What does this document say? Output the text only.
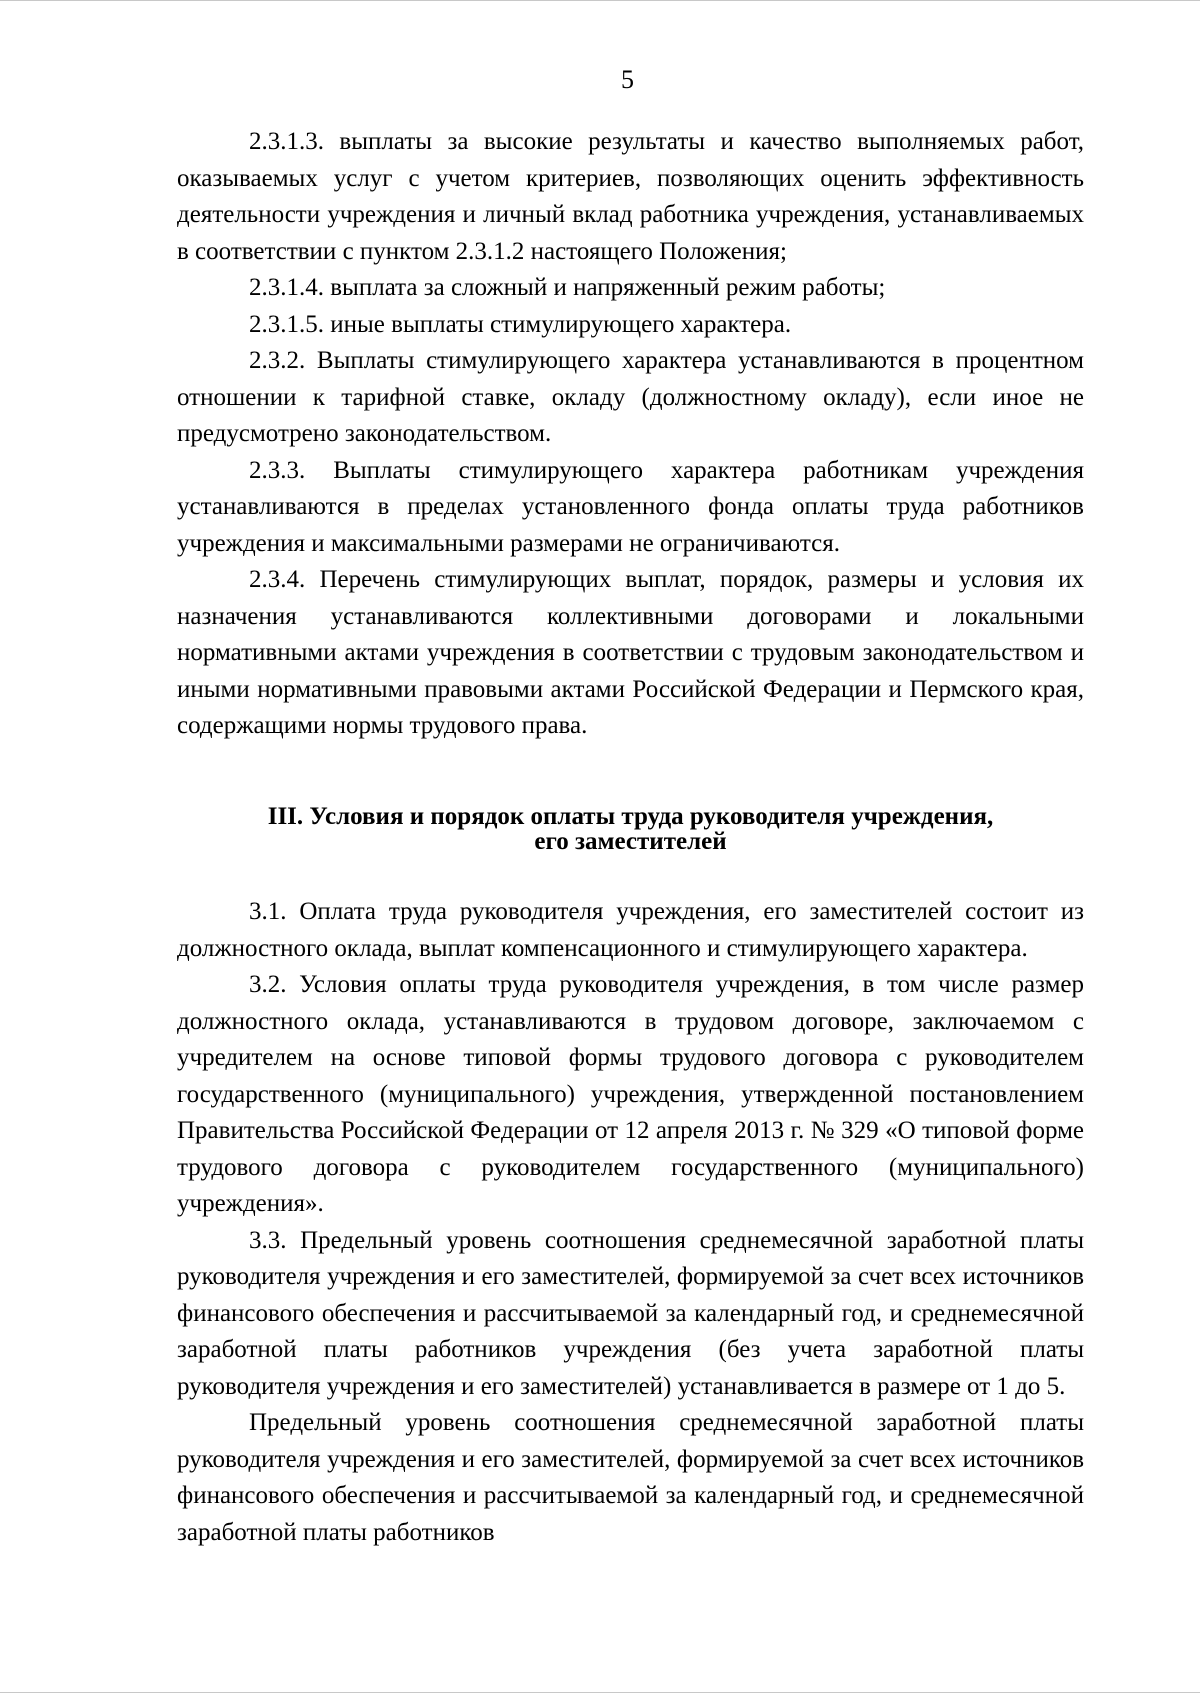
5

2.3.1.3. выплаты за высокие результаты и качество выполняемых работ, оказываемых услуг с учетом критериев, позволяющих оценить эффективность деятельности учреждения и личный вклад работника учреждения, устанавливаемых в соответствии с пунктом 2.3.1.2 настоящего Положения;

2.3.1.4. выплата за сложный и напряженный режим работы;

2.3.1.5. иные выплаты стимулирующего характера.

2.3.2. Выплаты стимулирующего характера устанавливаются в процентном отношении к тарифной ставке, окладу (должностному окладу), если иное не предусмотрено законодательством.

2.3.3. Выплаты стимулирующего характера работникам учреждения устанавливаются в пределах установленного фонда оплаты труда работников учреждения и максимальными размерами не ограничиваются.

2.3.4. Перечень стимулирующих выплат, порядок, размеры и условия их назначения устанавливаются коллективными договорами и локальными нормативными актами учреждения в соответствии с трудовым законодательством и иными нормативными правовыми актами Российской Федерации и Пермского края, содержащими нормы трудового права.

III. Условия и порядок оплаты труда руководителя учреждения,
его заместителей

3.1. Оплата труда руководителя учреждения, его заместителей состоит из должностного оклада, выплат компенсационного и стимулирующего характера.

3.2. Условия оплаты труда руководителя учреждения, в том числе размер должностного оклада, устанавливаются в трудовом договоре, заключаемом с учредителем на основе типовой формы трудового договора с руководителем государственного (муниципального) учреждения, утвержденной постановлением Правительства Российской Федерации от 12 апреля 2013 г. № 329 «О типовой форме трудового договора с руководителем государственного (муниципального) учреждения».

3.3. Предельный уровень соотношения среднемесячной заработной платы руководителя учреждения и его заместителей, формируемой за счет всех источников финансового обеспечения и рассчитываемой за календарный год, и среднемесячной заработной платы работников учреждения (без учета заработной платы руководителя учреждения и его заместителей) устанавливается в размере от 1 до 5.

Предельный уровень соотношения среднемесячной заработной платы руководителя учреждения и его заместителей, формируемой за счет всех источников финансового обеспечения и рассчитываемой за календарный год, и среднемесячной заработной платы работников
